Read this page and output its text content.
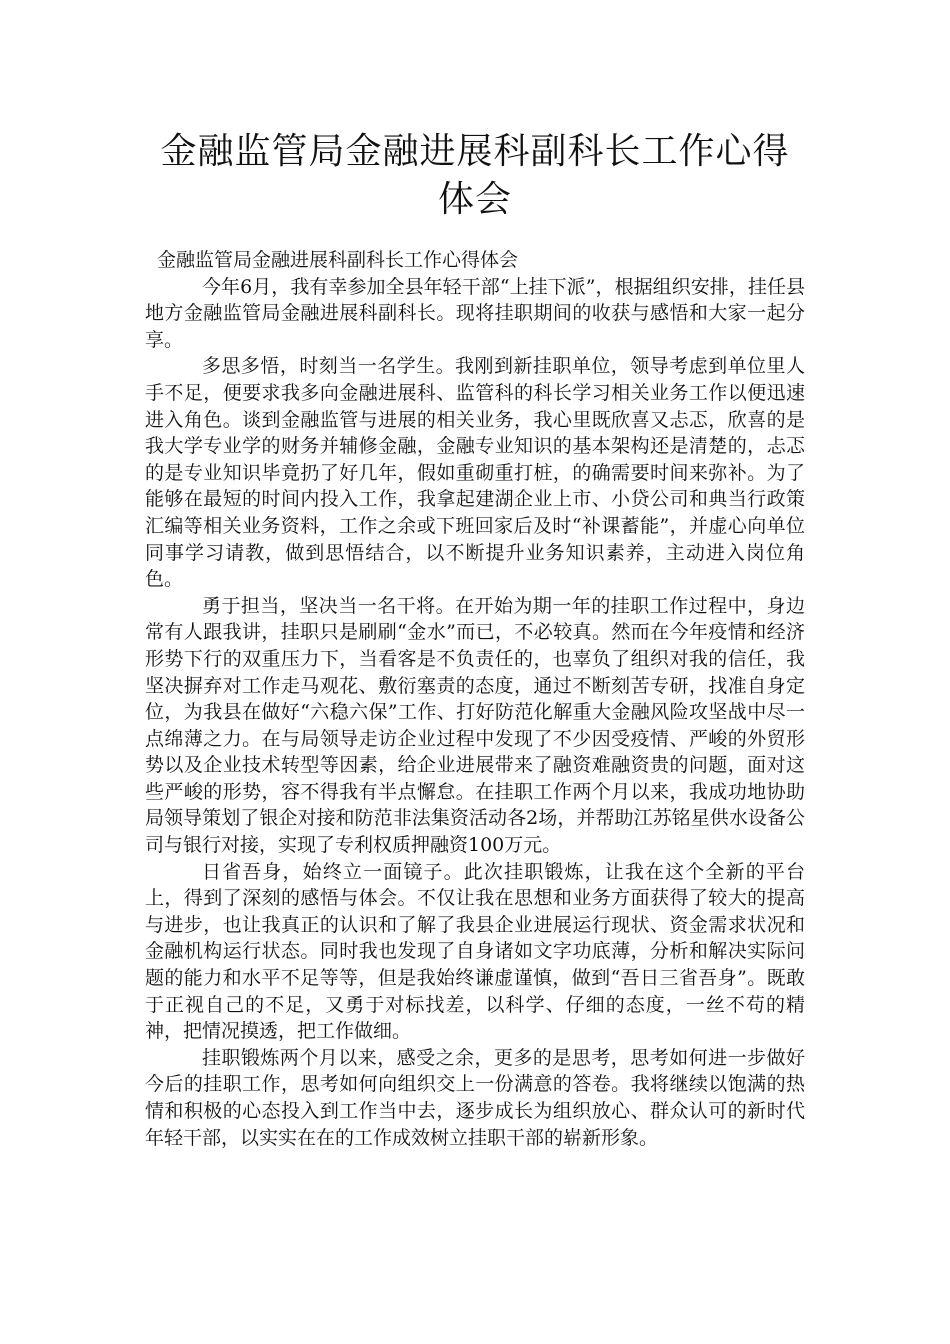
金融监管局金融进展科副科长工作心得体会

金融监管局金融进展科副科长工作心得体会

今年6月，我有幸参加全县年轻干部“上挂下派”，根据组织安排，挂任县地方金融监管局金融进展科副科长。现将挂职期间的收获与感悟和大家一起分享。

多思多悟，时刻当一名学生。我刚到新挂职单位，领导考虑到单位里人手不足，便要求我多向金融进展科、监管科的科长学习相关业务工作以便迅速进入角色。谈到金融监管与进展的相关业务，我心里既欣喜又忐忑，欣喜的是我大学专业学的财务并辅修金融，金融专业知识的基本架构还是清楚的，忐忑的是专业知识毕竟扔了好几年，假如重砌重打桩，的确需要时间来弥补。为了能够在最短的时间内投入工作，我拿起建湖企业上市、小贷公司和典当行政策汇编等相关业务资料，工作之余或下班回家后及时“补课蓄能”，并虚心向单位同事学习请教，做到思悟结合，以不断提升业务知识素养，主动进入岗位角色。

勇于担当，坚决当一名干将。在开始为期一年的挂职工作过程中，身边常有人跟我讲，挂职只是刷刷“金水”而已，不必较真。然而在今年疫情和经济形势下行的双重压力下，当看客是不负责任的，也辜负了组织对我的信任，我坚决摒弃对工作走马观花、敷衍塞责的态度，通过不断刻苦专研，找准自身定位，为我县在做好“六稳六保”工作、打好防范化解重大金融风险攻坚战中尽一点绵薄之力。在与局领导走访企业过程中发现了不少因受疫情、严峻的外贸形势以及企业技术转型等因素，给企业进展带来了融资难融资贵的问题，面对这些严峻的形势，容不得我有半点懈怠。在挂职工作两个月以来，我成功地协助局领导策划了银企对接和防范非法集资活动各2场，并帮助江苏铭星供水设备公司与银行对接，实现了专利权质押融资100万元。

日省吾身，始终立一面镜子。此次挂职锻炼，让我在这个全新的平台上，得到了深刻的感悟与体会。不仅让我在思想和业务方面获得了较大的提高与进步，也让我真正的认识和了解了我县企业进展运行现状、资金需求状况和金融机构运行状态。同时我也发现了自身诸如文字功底薄，分析和解决实际问题的能力和水平不足等等，但是我始终谦虚谨慎，做到“吾日三省吾身”。既敢于正视自己的不足，又勇于对标找差，以科学、仔细的态度，一丝不苟的精神，把情况摸透，把工作做细。

挂职锻炼两个月以来，感受之余，更多的是思考，思考如何进一步做好今后的挂职工作，思考如何向组织交上一份满意的答卷。我将继续以饱满的热情和积极的心态投入到工作当中去，逐步成长为组织放心、群众认可的新时代年轻干部，以实实在在的工作成效树立挂职干部的崭新形象。
